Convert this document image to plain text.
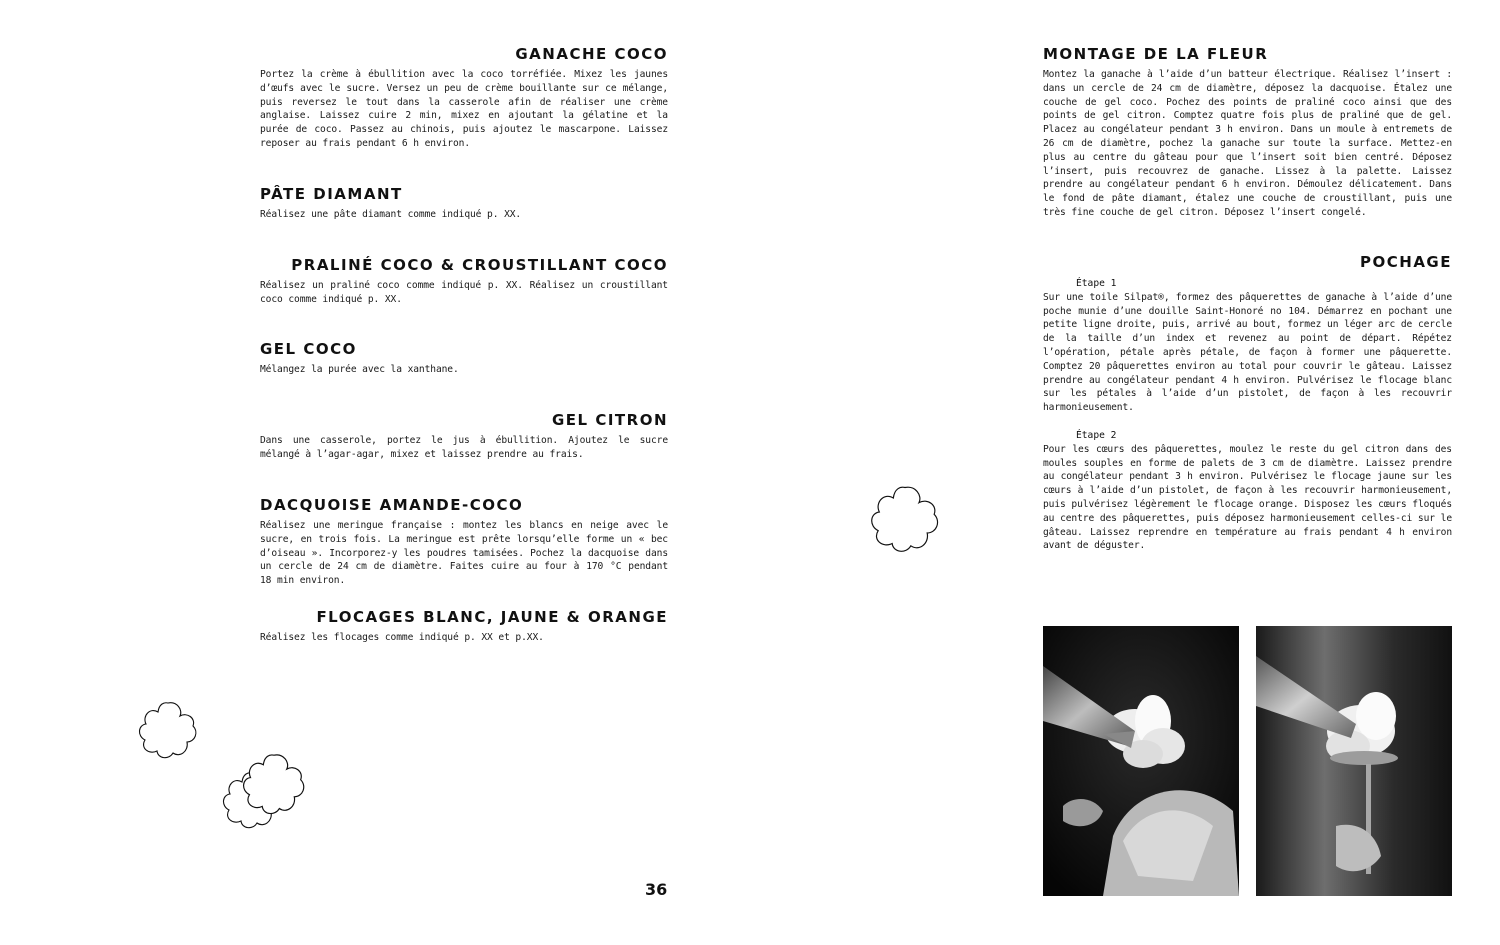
GANACHE COCO
Portez la crème à ébullition avec la coco torréfiée. Mixez les jaunes d’œufs avec le sucre. Versez un peu de crème bouillante sur ce mélange, puis reversez le tout dans la casserole afin de réaliser une crème anglaise. Laissez cuire 2 min, mixez en ajoutant la gélatine et la purée de coco. Passez au chinois, puis ajoutez le mascarpone. Laissez reposer au frais pendant 6 h environ.
PÂTE DIAMANT
Réalisez une pâte diamant comme indiqué p. XX.
PRALINÉ COCO & CROUSTILLANT COCO
Réalisez un praliné coco comme indiqué p. XX. Réalisez un croustillant coco comme indiqué p. XX.
GEL COCO
Mélangez la purée avec la xanthane.
GEL CITRON
Dans une casserole, portez le jus à ébullition. Ajoutez le sucre mélangé à l’agar-agar, mixez et laissez prendre au frais.
DACQUOISE AMANDE-COCO
Réalisez une meringue française : montez les blancs en neige avec le sucre, en trois fois. La meringue est prête lorsqu’elle forme un « bec d’oiseau ». Incorporez-y les poudres tamisées. Pochez la dacquoise dans un cercle de 24 cm de diamètre. Faites cuire au four à 170 °C pendant 18 min environ.
FLOCAGES BLANC, JAUNE & ORANGE
Réalisez les flocages comme indiqué p. XX et p.XX.
36
MONTAGE DE LA FLEUR
Montez la ganache à l’aide d’un batteur électrique. Réalisez l’insert : dans un cercle de 24 cm de diamètre, déposez la dacquoise. Étalez une couche de gel coco. Pochez des points de praliné coco ainsi que des points de gel citron. Comptez quatre fois plus de praliné que de gel. Placez au congélateur pendant 3 h environ. Dans un moule à entremets de 26 cm de diamètre, pochez la ganache sur toute la surface. Mettez-en plus au centre du gâteau pour que l’insert soit bien centré. Déposez l’insert, puis recouvrez de ganache. Lissez à la palette. Laissez prendre au congélateur pendant 6 h environ. Démoulez délicatement. Dans le fond de pâte diamant, étalez une couche de croustillant, puis une très fine couche de gel citron. Déposez l’insert congelé.
POCHAGE
Étape 1
Sur une toile Silpat®, formez des pâquerettes de ganache à l’aide d’une poche munie d’une douille Saint-Honoré no 104. Démarrez en pochant une petite ligne droite, puis, arrivé au bout, formez un léger arc de cercle de la taille d’un index et revenez au point de départ. Répétez l’opération, pétale après pétale, de façon à former une pâquerette. Comptez 20 pâquerettes environ au total pour couvrir le gâteau. Laissez prendre au congélateur pendant 4 h environ. Pulvérisez le flocage blanc sur les pétales à l’aide d’un pistolet, de façon à les recouvrir harmonieusement.
Étape 2
Pour les cœurs des pâquerettes, moulez le reste du gel citron dans des moules souples en forme de palets de 3 cm de diamètre. Laissez prendre au congélateur pendant 3 h environ. Pulvérisez le flocage jaune sur les cœurs à l’aide d’un pistolet, de façon à les recouvrir harmonieusement, puis pulvérisez légèrement le flocage orange. Disposez les cœurs floqués au centre des pâquerettes, puis déposez harmonieusement celles-ci sur le gâteau. Laissez reprendre en température au frais pendant 4 h environ avant de déguster.
